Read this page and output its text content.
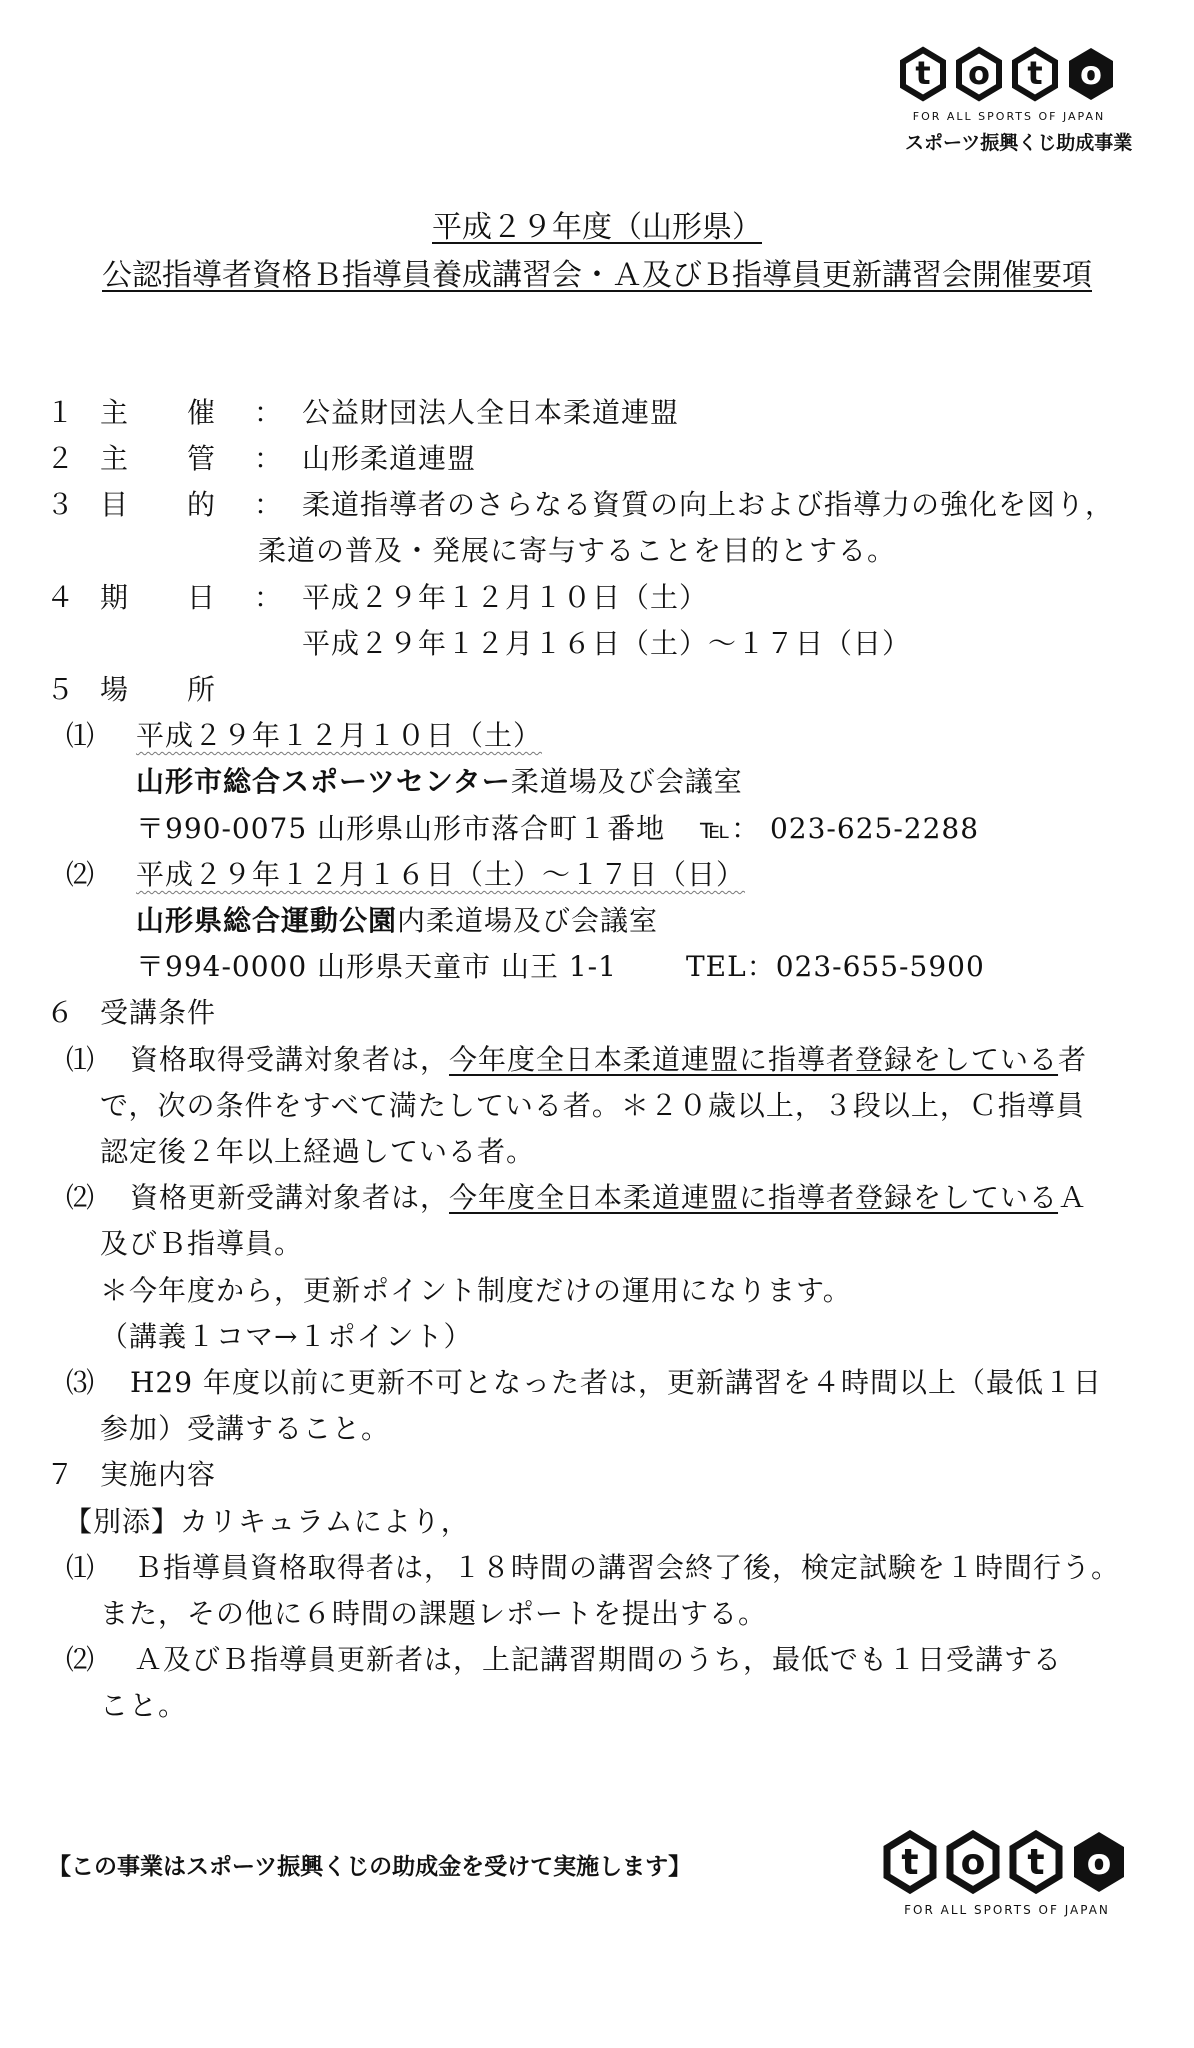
t o t o
FOR ALL SPORTS OF JAPAN
スポーツ振興くじ助成事業
平成２９年度（山形県）
公認指導者資格Ｂ指導員養成講習会・Ａ及びＢ指導員更新講習会開催要項
１ 主　　催 ： 公益財団法人全日本柔道連盟
２ 主　　管 ： 山形柔道連盟
３ 目　　的 ： 柔道指導者のさらなる資質の向上および指導力の強化を図り，
柔道の普及・発展に寄与することを目的とする。
４ 期　　日 ： 平成２９年１２月１０日（土）
平成２９年１２月１６日（土）～１７日（日）
５ 場　　所
⑴ 平成２９年１２月１０日（土）
山形市総合スポーツセンター柔道場及び会議室
〒990-0075 山形県山形市落合町１番地 ℡： 023-625-2288
⑵ 平成２９年１２月１６日（土）～１７日（日）
山形県総合運動公園内柔道場及び会議室
〒994-0000 山形県天童市 山王 1-1 TEL：023-655-5900
６ 受講条件
⑴ 資格取得受講対象者は，今年度全日本柔道連盟に指導者登録をしている者
で，次の条件をすべて満たしている者。＊２０歳以上，３段以上，Ｃ指導員
認定後２年以上経過している者。
⑵ 資格更新受講対象者は，今年度全日本柔道連盟に指導者登録をしているＡ
及びＢ指導員。
＊今年度から，更新ポイント制度だけの運用になります。
（講義１コマ→１ポイント）
⑶ H29 年度以前に更新不可となった者は，更新講習を４時間以上（最低１日
参加）受講すること。
７ 実施内容
【別添】カリキュラムにより，
⑴ Ｂ指導員資格取得者は，１８時間の講習会終了後，検定試験を１時間行う。
また，その他に６時間の課題レポートを提出する。
⑵ Ａ及びＢ指導員更新者は，上記講習期間のうち，最低でも１日受講する
こと。
【この事業はスポーツ振興くじの助成金を受けて実施します】	t o t o
FOR ALL SPORTS OF JAPAN
